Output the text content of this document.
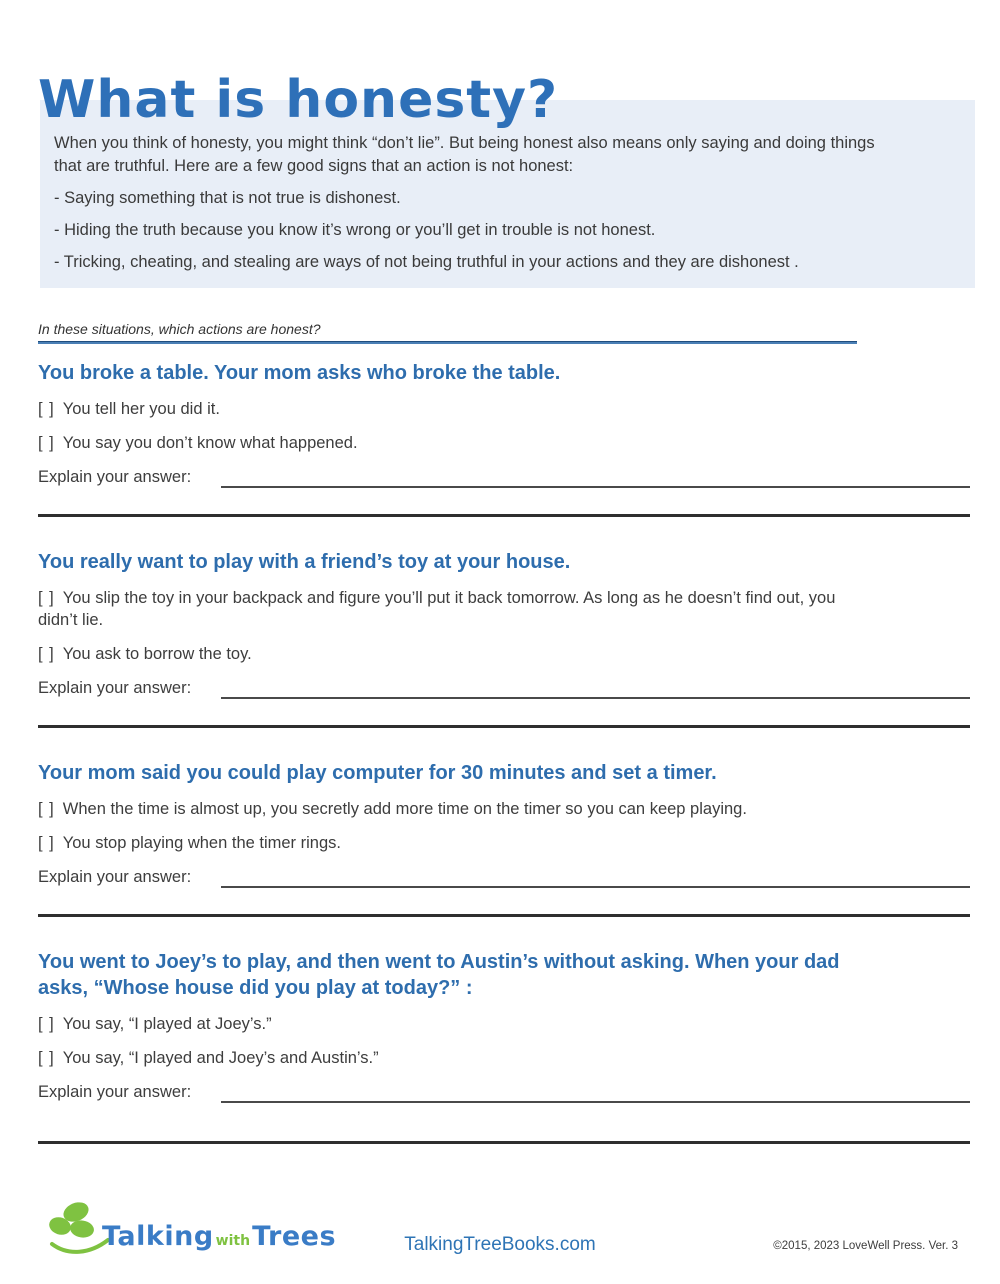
What is honesty?

When you think of honesty, you might think “don’t lie”. But being honest also means only saying and doing things that are truthful. Here are a few good signs that an action is not honest:

- Saying something that is not true is dishonest.

- Hiding the truth because you know it’s wrong or you’ll get in trouble is not honest.

- Tricking, cheating, and stealing are ways of not being truthful in your actions and they are dishonest .

In these situations, which actions are honest?

You broke a table. Your mom asks who broke the table.

[ ] You tell her you did it.

[ ] You say you don’t know what happened.

Explain your answer:
You really want to play with a friend’s toy at your house.

[ ] You slip the toy in your backpack and figure you’ll put it back tomorrow. As long as he doesn’t find out, you didn’t lie.

[ ] You ask to borrow the toy.

Explain your answer:
Your mom said you could play computer for 30 minutes and set a timer.

[ ] When the time is almost up, you secretly add more time on the timer so you can keep playing.

[ ] You stop playing when the timer rings.

Explain your answer:
You went to Joey’s to play, and then went to Austin’s without asking. When your dad asks, “Whose house did you play at today?” :

[ ] You say, “I played at Joey’s.”

[ ] You say, “I played and Joey’s and Austin’s.”

Explain your answer:
Talking withTrees	TalkingTreeBooks.com	©2015, 2023 LoveWell Press. Ver. 3
